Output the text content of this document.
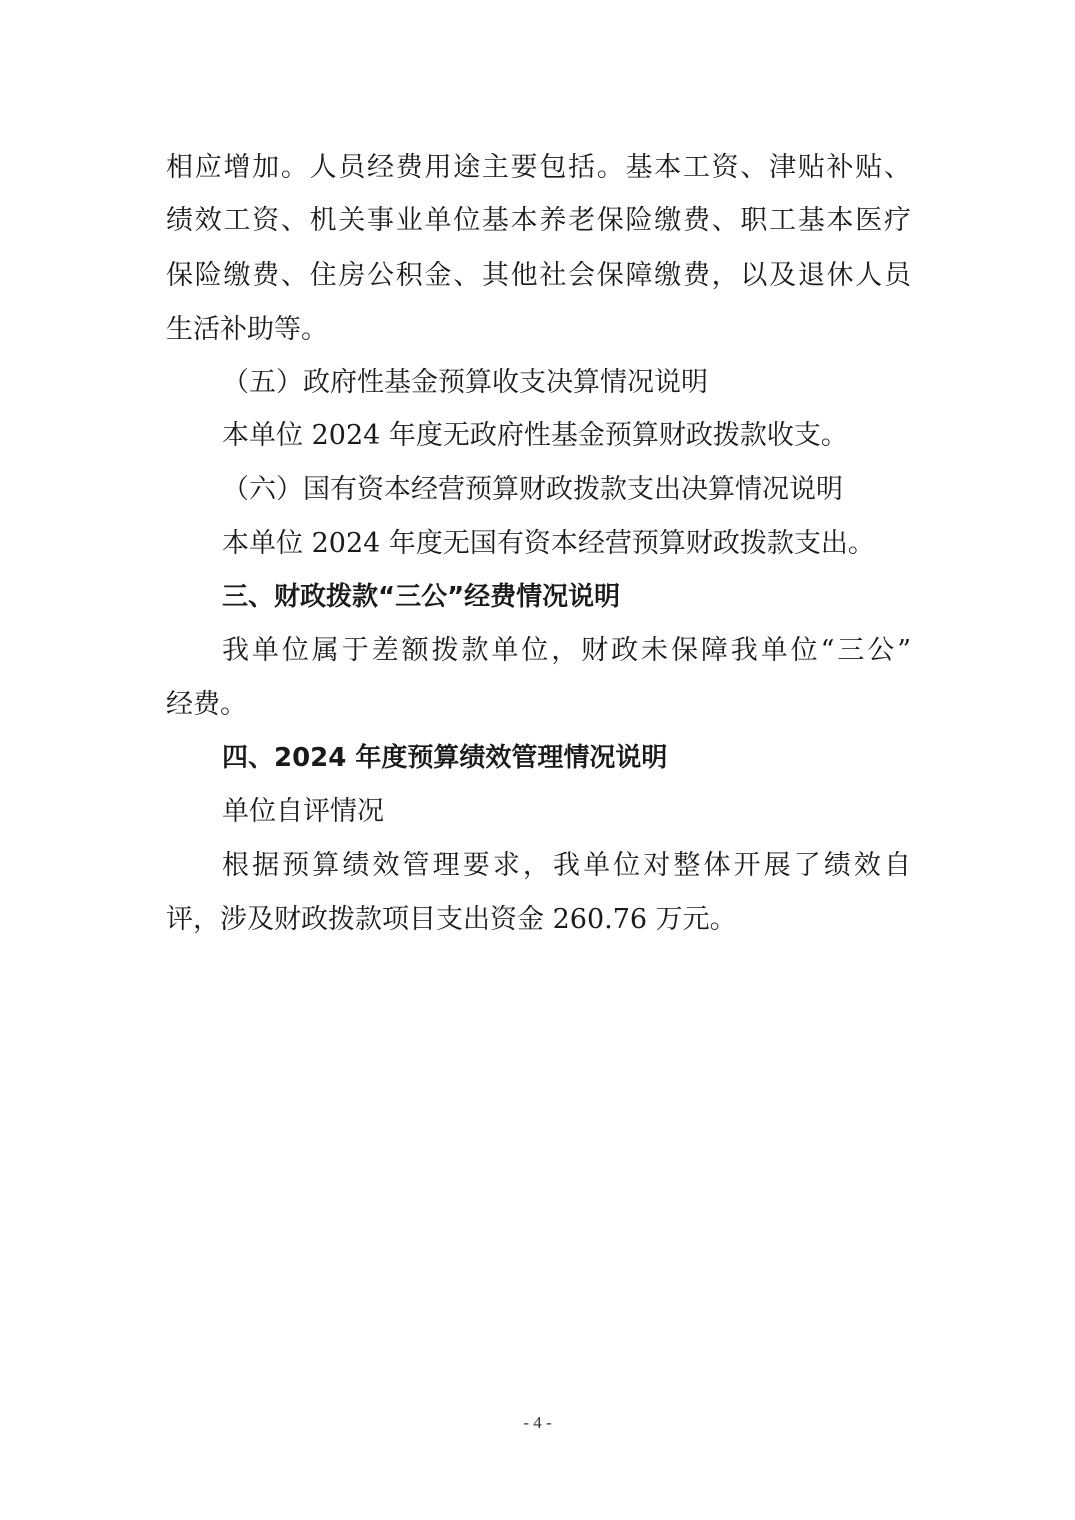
相应增加。人员经费用途主要包括。基本工资、津贴补贴、
绩效工资、机关事业单位基本养老保险缴费、职工基本医疗
保险缴费、住房公积金、其他社会保障缴费，以及退休人员
生活补助等。
（五）政府性基金预算收支决算情况说明
本单位 2024 年度无政府性基金预算财政拨款收支。
（六）国有资本经营预算财政拨款支出决算情况说明
本单位 2024 年度无国有资本经营预算财政拨款支出。
三、财政拨款“三公”经费情况说明
我单位属于差额拨款单位，财政未保障我单位“三公”
经费。
四、2024 年度预算绩效管理情况说明
单位自评情况
根据预算绩效管理要求，我单位对整体开展了绩效自
评，涉及财政拨款项目支出资金 260.76 万元。
- 4 -
